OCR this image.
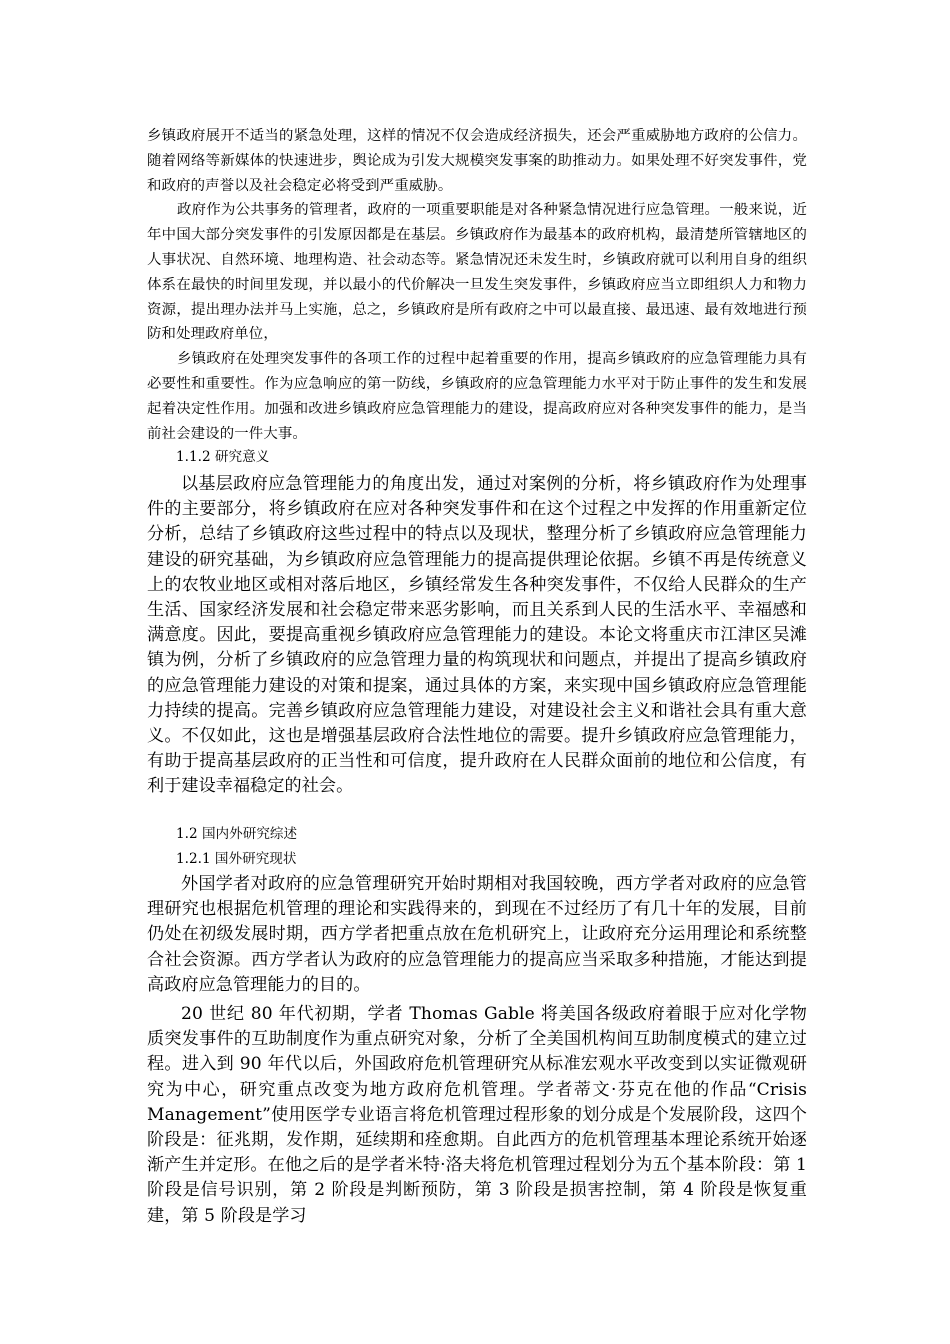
乡镇政府展开不适当的紧急处理，这样的情况不仅会造成经济损失，还会严重威胁地方政府的公信力。随着网络等新媒体的快速进步，舆论成为引发大规模突发事案的助推动力。如果处理不好突发事件，党和政府的声誉以及社会稳定必将受到严重威胁。

政府作为公共事务的管理者，政府的一项重要职能是对各种紧急情况进行应急管理。一般来说，近年中国大部分突发事件的引发原因都是在基层。乡镇政府作为最基本的政府机构，最清楚所管辖地区的人事状况、自然环境、地理构造、社会动态等。紧急情况还未发生时，乡镇政府就可以利用自身的组织体系在最快的时间里发现，并以最小的代价解决一旦发生突发事件，乡镇政府应当立即组织人力和物力资源，提出理办法并马上实施，总之，乡镇政府是所有政府之中可以最直接、最迅速、最有效地进行预防和处理政府单位，

乡镇政府在处理突发事件的各项工作的过程中起着重要的作用，提高乡镇政府的应急管理能力具有必要性和重要性。作为应急响应的第一防线，乡镇政府的应急管理能力水平对于防止事件的发生和发展起着决定性作用。加强和改进乡镇政府应急管理能力的建设，提高政府应对各种突发事件的能力，是当前社会建设的一件大事。

1.1.2 研究意义

以基层政府应急管理能力的角度出发，通过对案例的分析，将乡镇政府作为处理事件的主要部分，将乡镇政府在应对各种突发事件和在这个过程之中发挥的作用重新定位分析，总结了乡镇政府这些过程中的特点以及现状，整理分析了乡镇政府应急管理能力建设的研究基础，为乡镇政府应急管理能力的提高提供理论依据。乡镇不再是传统意义上的农牧业地区或相对落后地区，乡镇经常发生各种突发事件，不仅给人民群众的生产生活、国家经济发展和社会稳定带来恶劣影响，而且关系到人民的生活水平、幸福感和满意度。因此，要提高重视乡镇政府应急管理能力的建设。本论文将重庆市江津区吴滩镇为例，分析了乡镇政府的应急管理力量的构筑现状和问题点，并提出了提高乡镇政府的应急管理能力建设的对策和提案，通过具体的方案，来实现中国乡镇政府应急管理能力持续的提高。完善乡镇政府应急管理能力建设，对建设社会主义和谐社会具有重大意义。不仅如此，这也是增强基层政府合法性地位的需要。提升乡镇政府应急管理能力，有助于提高基层政府的正当性和可信度，提升政府在人民群众面前的地位和公信度，有利于建设幸福稳定的社会。

1.2 国内外研究综述
1.2.1 国外研究现状

外国学者对政府的应急管理研究开始时期相对我国较晚，西方学者对政府的应急管理研究也根据危机管理的理论和实践得来的，到现在不过经历了有几十年的发展，目前仍处在初级发展时期，西方学者把重点放在危机研究上，让政府充分运用理论和系统整合社会资源。西方学者认为政府的应急管理能力的提高应当采取多种措施，才能达到提高政府应急管理能力的目的。

20 世纪 80 年代初期，学者 Thomas Gable 将美国各级政府着眼于应对化学物质突发事件的互助制度作为重点研究对象，分析了全美国机构间互助制度模式的建立过程。进入到 90 年代以后，外国政府危机管理研究从标准宏观水平改变到以实证微观研究为中心，研究重点改变为地方政府危机管理。学者蒂文·芬克在他的作品“Crisis Management”使用医学专业语言将危机管理过程形象的划分成是个发展阶段，这四个阶段是：征兆期，发作期，延续期和痊愈期。自此西方的危机管理基本理论系统开始逐渐产生并定形。在他之后的是学者米特·洛夫将危机管理过程划分为五个基本阶段：第 1 阶段是信号识别，第 2 阶段是判断预防，第 3 阶段是损害控制，第 4 阶段是恢复重建，第 5 阶段是学习
